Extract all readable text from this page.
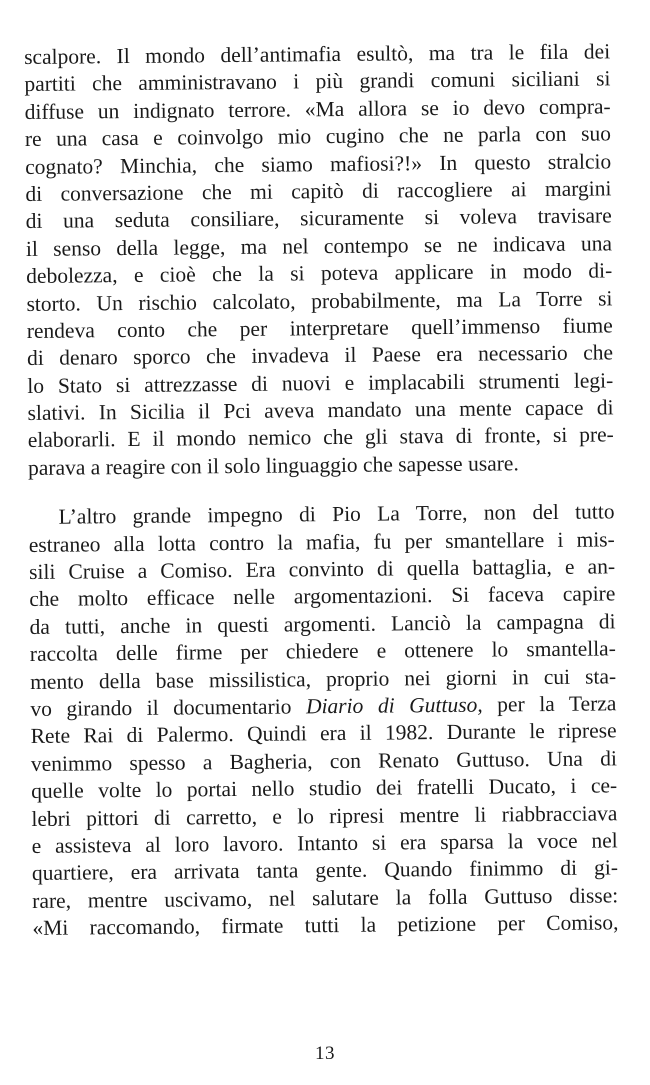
scalpore. Il mondo dell’antimafia esultò, ma tra le fila dei
partiti che amministravano i più grandi comuni siciliani si
diffuse un indignato terrore. «Ma allora se io devo compra-
re una casa e coinvolgo mio cugino che ne parla con suo
cognato? Minchia, che siamo mafiosi?!» In questo stralcio
di conversazione che mi capitò di raccogliere ai margini
di una seduta consiliare, sicuramente si voleva travisare
il senso della legge, ma nel contempo se ne indicava una
debolezza, e cioè che la si poteva applicare in modo di-
storto. Un rischio calcolato, probabilmente, ma La Torre si
rendeva conto che per interpretare quell’immenso fiume
di denaro sporco che invadeva il Paese era necessario che
lo Stato si attrezzasse di nuovi e implacabili strumenti legi-
slativi. In Sicilia il Pci aveva mandato una mente capace di
elaborarli. E il mondo nemico che gli stava di fronte, si pre-
parava a reagire con il solo linguaggio che sapesse usare.
L’altro grande impegno di Pio La Torre, non del tutto
estraneo alla lotta contro la mafia, fu per smantellare i mis-
sili Cruise a Comiso. Era convinto di quella battaglia, e an-
che molto efficace nelle argomentazioni. Si faceva capire
da tutti, anche in questi argomenti. Lanciò la campagna di
raccolta delle firme per chiedere e ottenere lo smantella-
mento della base missilistica, proprio nei giorni in cui sta-
vo girando il documentario Diario di Guttuso, per la Terza
Rete Rai di Palermo. Quindi era il 1982. Durante le riprese
venimmo spesso a Bagheria, con Renato Guttuso. Una di
quelle volte lo portai nello studio dei fratelli Ducato, i ce-
lebri pittori di carretto, e lo ripresi mentre li riabbracciava
e assisteva al loro lavoro. Intanto si era sparsa la voce nel
quartiere, era arrivata tanta gente. Quando finimmo di gi-
rare, mentre uscivamo, nel salutare la folla Guttuso disse:
«Mi raccomando, firmate tutti la petizione per Comiso,
13
